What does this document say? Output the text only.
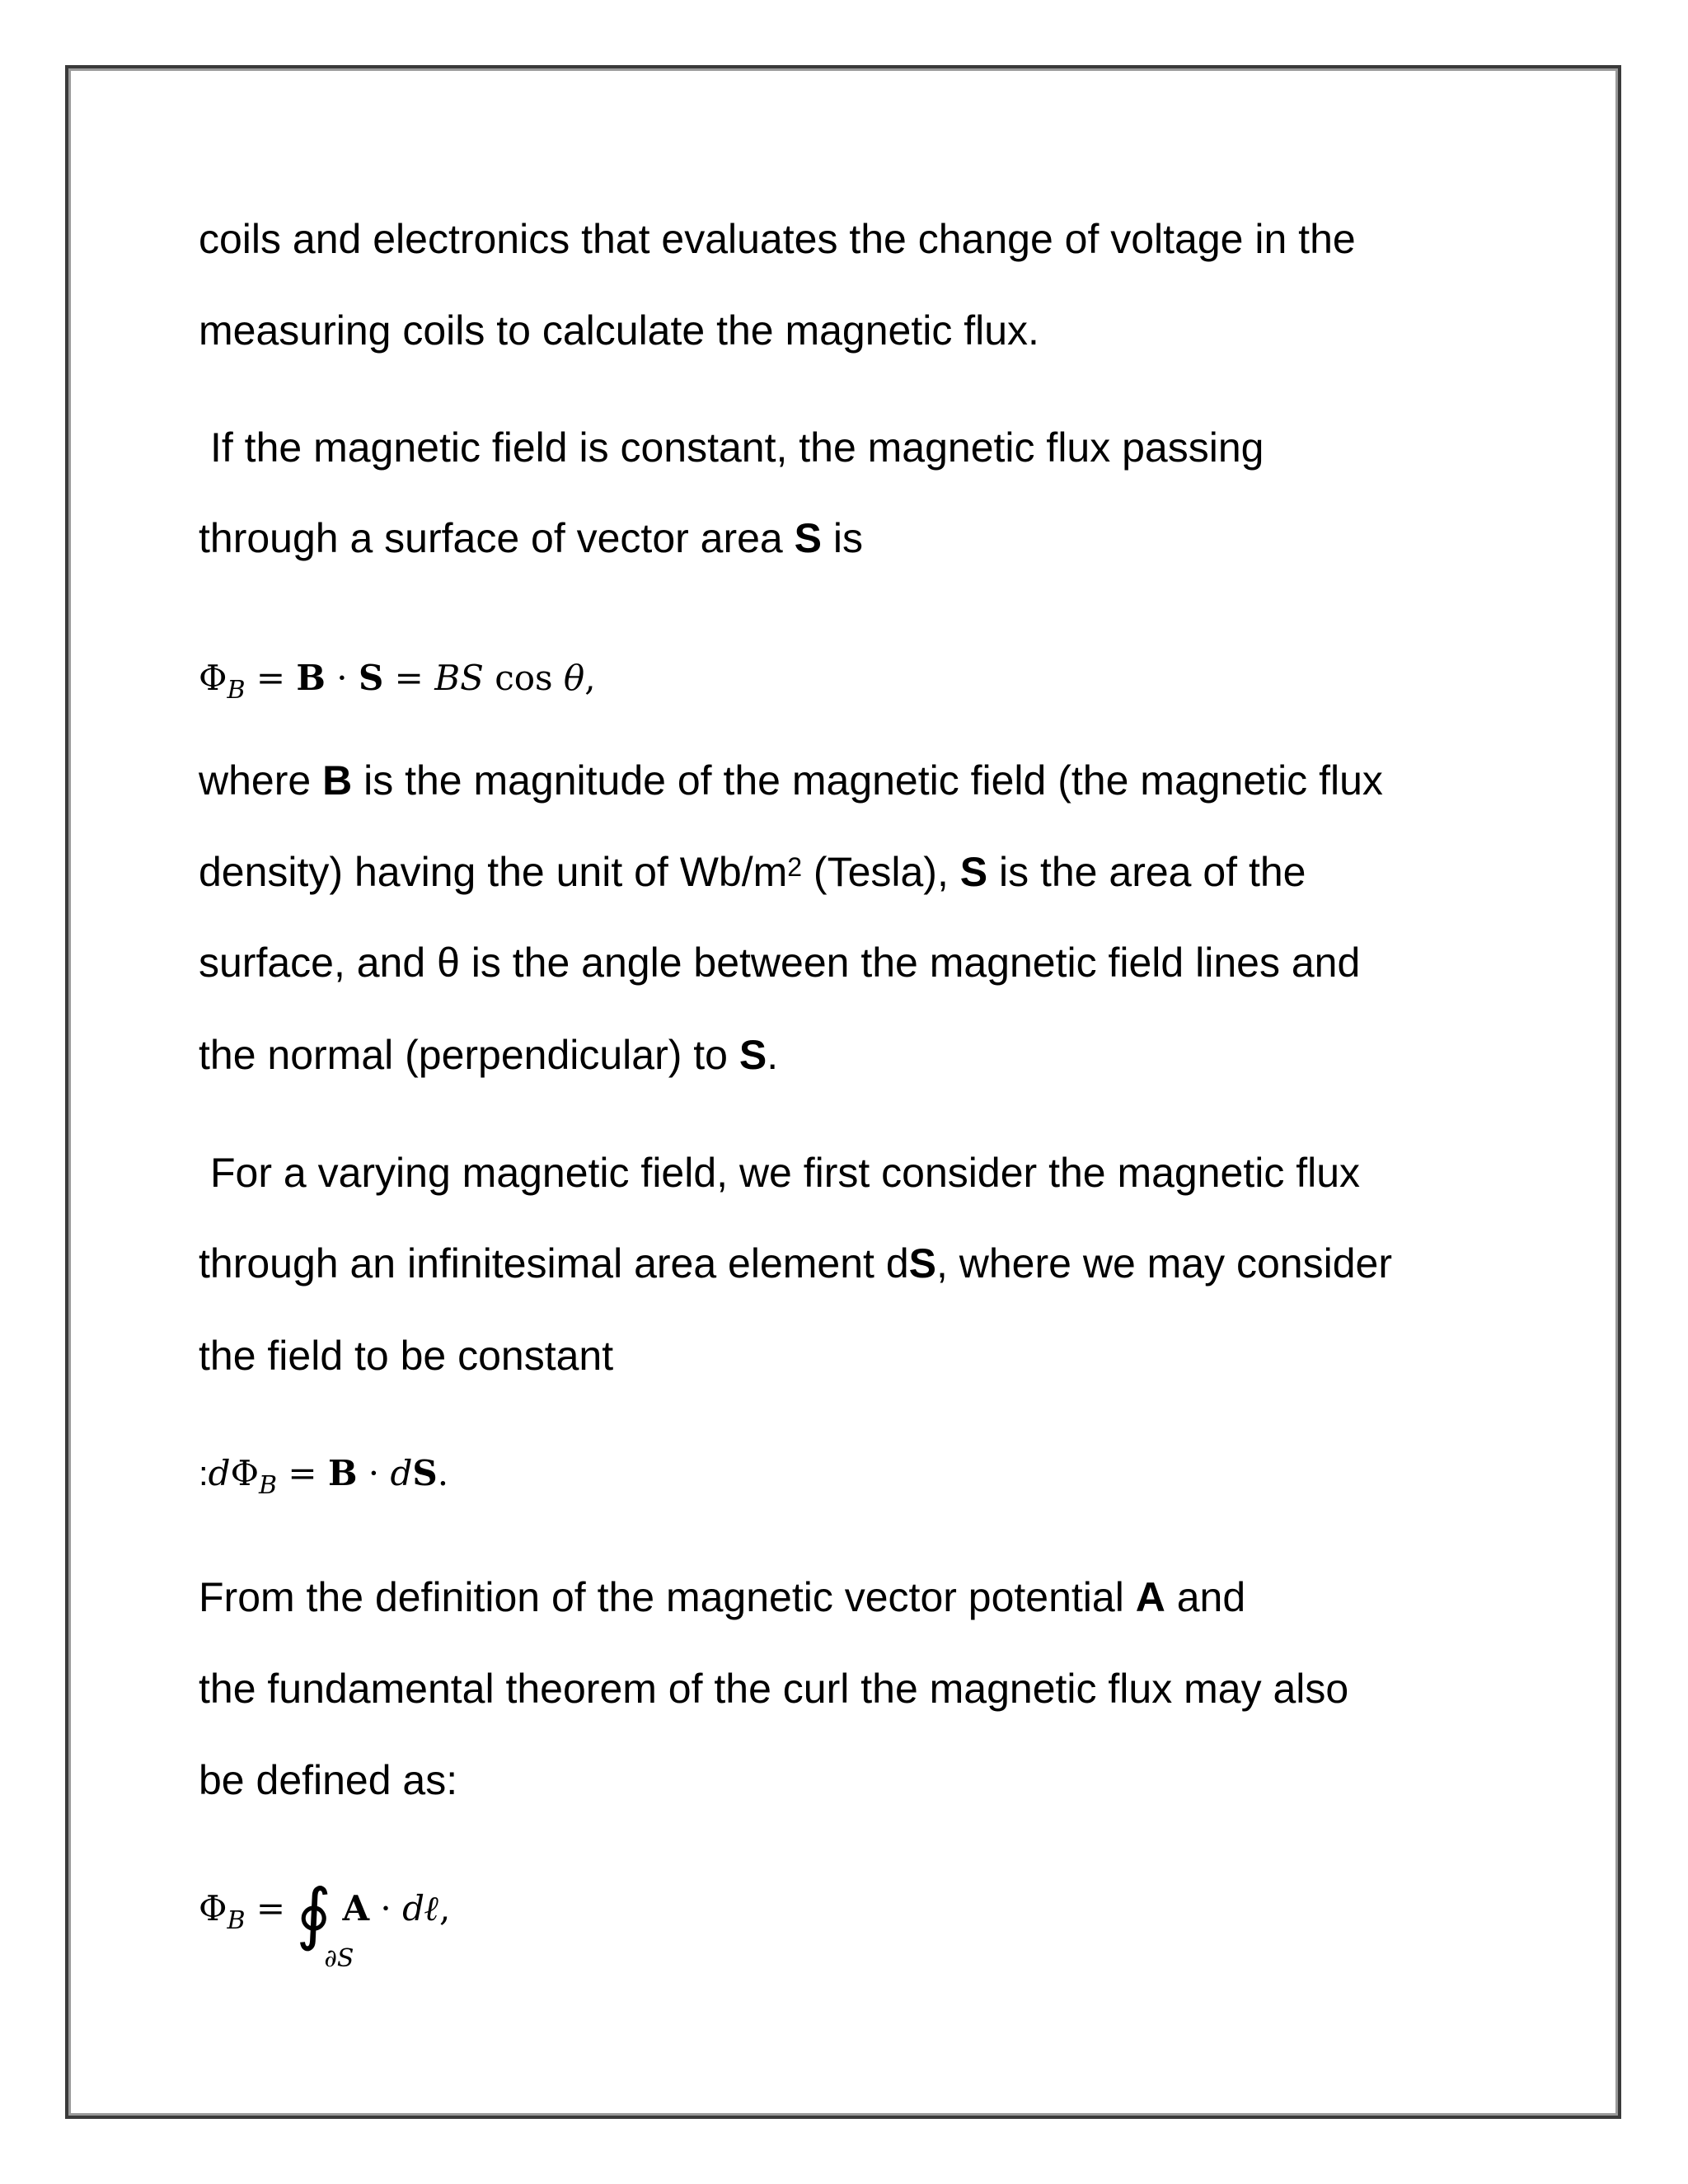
coils and electronics that evaluates the change of voltage in the

measuring coils to calculate the magnetic flux.

If the magnetic field is constant, the magnetic flux passing

through a surface of vector area S is

$\Phi_B = B \cdot S$ = BS cos θ,

where B is the magnitude of the magnetic field (the magnetic flux

density) having the unit of $Wb/m^2$ (Tesla), S is the area of the

surface, and θ is the angle between the magnetic field lines and

the normal (perpendicular) to S.

For a varying magnetic field, we first consider the magnetic flux

through an infinitesimal area element dS, where we may consider

the field to be constant

$:d\Phi_B = B$ · dS.

From the definition of the magnetic vector potential A and

the fundamental theorem of the curl the magnetic flux may also

be defined as:

$\Phi_B$ = ∮
∂S
A · dℓ,
